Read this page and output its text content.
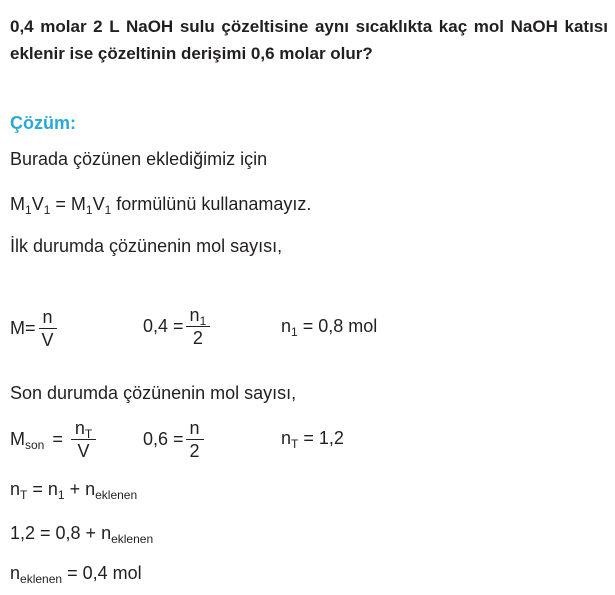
0,4 molar 2 L NaOH sulu çözeltisine aynı sıcaklıkta kaç mol NaOH katısı eklenir ise çözeltinin derişimi 0,6 molar olur?
Çözüm:
Burada çözünen eklediğimiz için
$M_1V_1 = M_1V_1$ formülünü kullanamayız.
İlk durumda çözünenin mol sayısı,
$M= \frac{n}{V}$	$0,4 = \frac{n_1}{2}$	$n_1 = 0,8$ mol
Son durumda çözünenin mol sayısı,
$M_{son} = \frac{n_T}{V}$	$0,6 = \frac{n}{2}$	$n_T = 1,2$
$n_T = n_1 + n_{eklenen}$
$1,2 = 0,8 + n_{eklenen}$
$n_{eklenen} = 0,4$ mol
